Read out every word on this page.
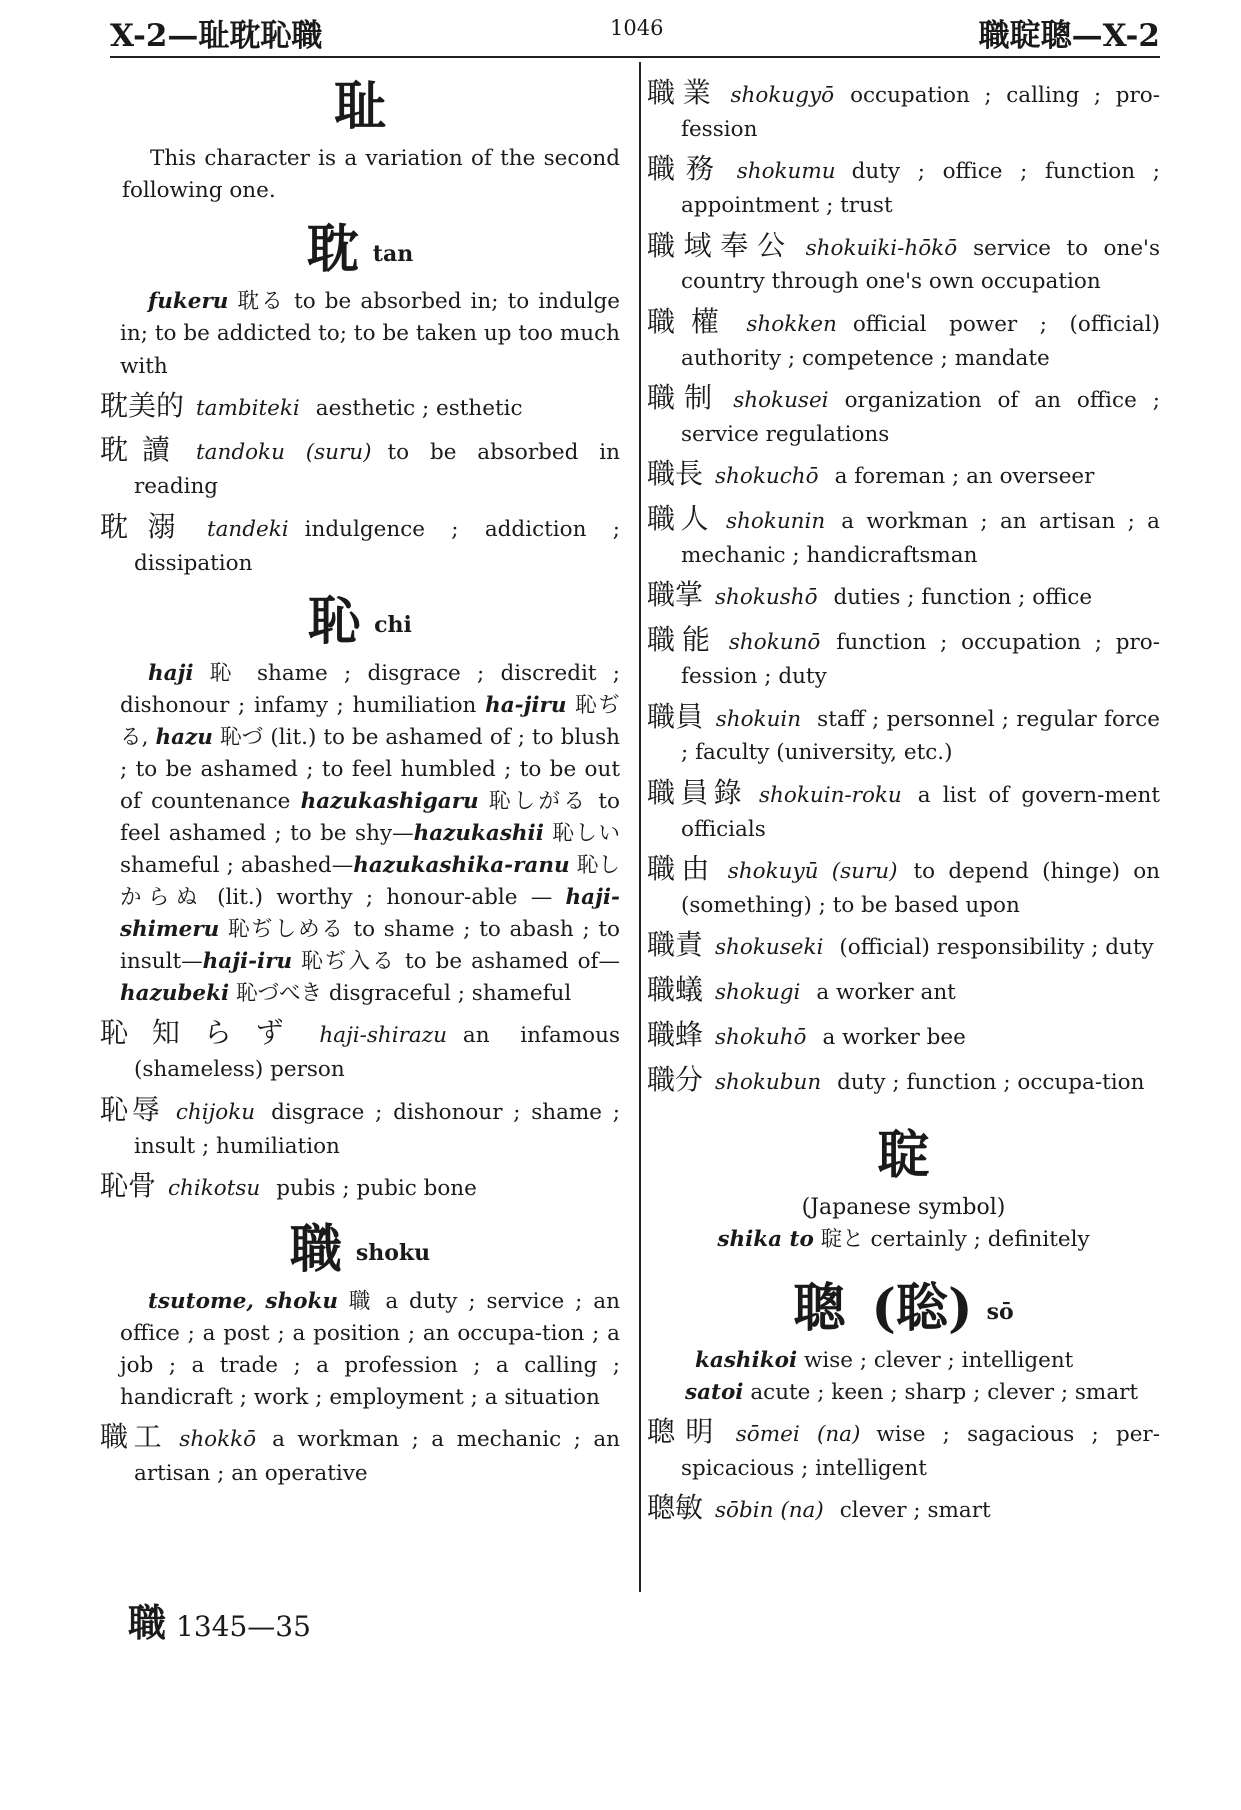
X-2—耻耽恥職	1046	職聢聰—X-2
耻

This character is a variation of the second following one.

耽tan

fukeru 耽る to be absorbed in; to indulge in; to be addicted to; to be taken up too much with

耽美的 tambiteki aesthetic ; esthetic
耽讀 tandoku (suru) to be absorbed in reading
耽溺 tandeki indulgence ; addiction ; dissipation
恥chi

haji 恥 shame ; disgrace ; discredit ; dishonour ; infamy ; humiliation ha-jiru 恥ぢる, hazu 恥づ (lit.) to be ashamed of ; to blush ; to be ashamed ; to feel humbled ; to be out of countenance hazukashigaru 恥しがる to feel ashamed ; to be shy—hazukashii 恥しい shameful ; abashed—hazukashika-ranu 恥しからぬ (lit.) worthy ; honour-able — haji-shimeru 恥ぢしめる to shame ; to abash ; to insult—haji-iru 恥ぢ入る to be ashamed of—hazubeki 恥づべき disgraceful ; shameful

恥知らず haji-shirazu an infamous (shameless) person
恥辱 chijoku disgrace ; dishonour ; shame ; insult ; humiliation
恥骨 chikotsu pubis ; pubic bone
職shoku

tsutome, shoku 職 a duty ; service ; an office ; a post ; a position ; an occupa-tion ; a job ; a trade ; a profession ; a calling ; handicraft ; work ; employment ; a situation

職工 shokkō a workman ; a mechanic ; an artisan ; an operative
職 1345—35
職業 shokugyō occupation ; calling ; pro-fession
職務 shokumu duty ; office ; function ; appointment ; trust
職域奉公 shokuiki-hōkō service to one's country through one's own occupation
職權 shokken official power ; (official) authority ; competence ; mandate
職制 shokusei organization of an office ; service regulations
職長 shokuchō a foreman ; an overseer
職人 shokunin a workman ; an artisan ; a mechanic ; handicraftsman
職掌 shokushō duties ; function ; office
職能 shokunō function ; occupation ; pro-fession ; duty
職員 shokuin staff ; personnel ; regular force ; faculty (university, etc.)
職員錄 shokuin-roku a list of govern-ment officials
職由 shokuyū (suru) to depend (hinge) on (something) ; to be based upon
職責 shokuseki (official) responsibility ; duty
職蟻 shokugi a worker ant
職蜂 shokuhō a worker bee
職分 shokubun duty ; function ; occupa-tion
聢

(Japanese symbol)

shika to 聢と certainly ; definitely

聰 (聡) sō

kashikoi wise ; clever ; intelligent

satoi acute ; keen ; sharp ; clever ; smart

聰明 sōmei (na) wise ; sagacious ; per-spicacious ; intelligent
聰敏 sōbin (na) clever ; smart
